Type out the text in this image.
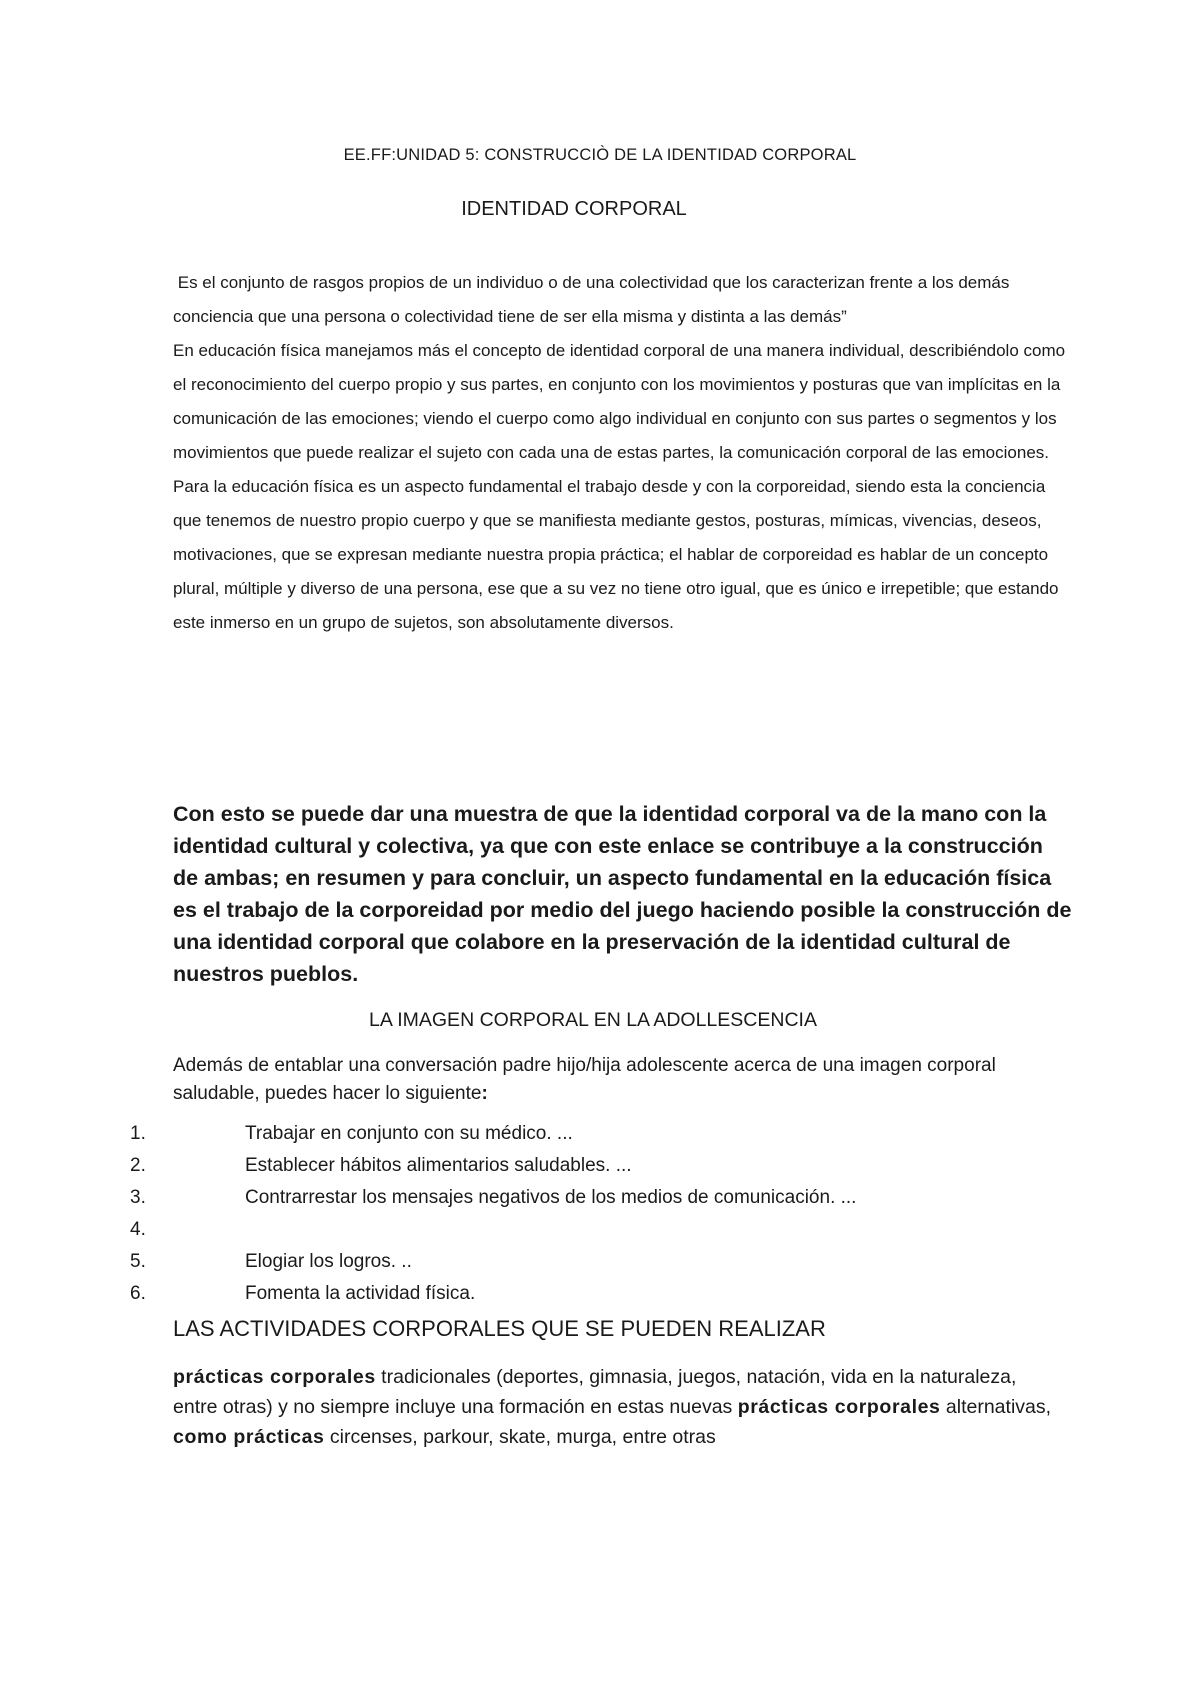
EE.FF:UNIDAD 5: CONSTRUCCIÒ DE LA IDENTIDAD CORPORAL
IDENTIDAD CORPORAL

Es el conjunto de rasgos propios de un individuo o de una colectividad que los caracterizan frente a los demás

conciencia que una persona o colectividad tiene de ser ella misma y distinta a las demás”

En educación física manejamos más el concepto de identidad corporal de una manera individual, describiéndolo como el reconocimiento del cuerpo propio y sus partes, en conjunto con los movimientos y posturas que van implícitas en la comunicación de las emociones; viendo el cuerpo como algo individual en conjunto con sus partes o segmentos y los movimientos que puede realizar el sujeto con cada una de estas partes, la comunicación corporal de las emociones.

Para la educación física es un aspecto fundamental el trabajo desde y con la corporeidad, siendo esta la conciencia que tenemos de nuestro propio cuerpo y que se manifiesta mediante gestos, posturas, mímicas, vivencias, deseos, motivaciones, que se expresan mediante nuestra propia práctica; el hablar de corporeidad es hablar de un concepto plural, múltiple y diverso de una persona, ese que a su vez no tiene otro igual, que es único e irrepetible; que estando este inmerso en un grupo de sujetos, son absolutamente diversos.

Con esto se puede dar una muestra de que la identidad corporal va de la mano con la identidad cultural y colectiva, ya que con este enlace se contribuye a la construcción de ambas; en resumen y para concluir, un aspecto fundamental en la educación física es el trabajo de la corporeidad por medio del juego haciendo posible la construcción de una identidad corporal que colabore en la preservación de la identidad cultural de nuestros pueblos.

LA IMAGEN CORPORAL EN LA ADOLLESCENCIA

Además de entablar una conversación padre hijo/hija adolescente acerca de una imagen corporal saludable, puedes hacer lo siguiente:

1.	Trabajar en conjunto con su médico. ...
2.	Establecer hábitos alimentarios saludables. ...
3.	Contrarrestar los mensajes negativos de los medios de comunicación. ...
4.
5.	Elogiar los logros. ..
6.	Fomenta la actividad física.
LAS ACTIVIDADES CORPORALES QUE SE PUEDEN REALIZAR

prácticas corporales tradicionales (deportes, gimnasia, juegos, natación, vida en la naturaleza, entre otras) y no siempre incluye una formación en estas nuevas prácticas corporales alternativas, como prácticas circenses, parkour, skate, murga, entre otras
